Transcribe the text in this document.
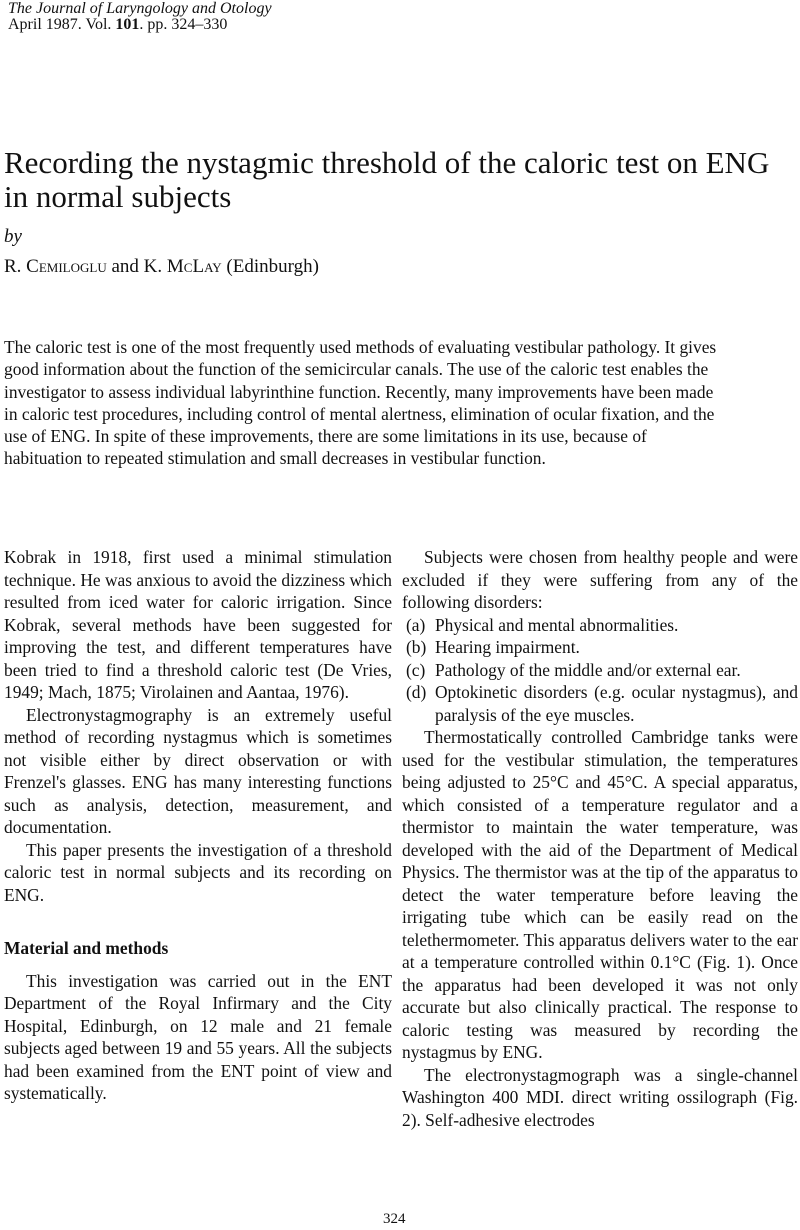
The Journal of Laryngology and Otology
April 1987. Vol. 101. pp. 324–330
Recording the nystagmic threshold of the caloric test on ENG in normal subjects
by
R. Cemiloglu and K. McLay (Edinburgh)
The caloric test is one of the most frequently used methods of evaluating vestibular pathology. It gives good information about the function of the semicircular canals. The use of the caloric test enables the investigator to assess individual labyrinthine function. Recently, many improvements have been made in caloric test procedures, including control of mental alertness, elimination of ocular fixation, and the use of ENG. In spite of these improvements, there are some limitations in its use, because of habituation to repeated stimulation and small decreases in vestibular function.

Kobrak in 1918, first used a minimal stimulation technique. He was anxious to avoid the dizziness which resulted from iced water for caloric irrigation. Since Kobrak, several methods have been suggested for improving the test, and different temperatures have been tried to find a threshold caloric test (De Vries, 1949; Mach, 1875; Virolainen and Aantaa, 1976).

Electronystagmography is an extremely useful method of recording nystagmus which is sometimes not visible either by direct observation or with Frenzel's glasses. ENG has many interesting functions such as analysis, detection, measurement, and documentation.

This paper presents the investigation of a threshold caloric test in normal subjects and its recording on ENG.

Material and methods

This investigation was carried out in the ENT Department of the Royal Infirmary and the City Hospital, Edinburgh, on 12 male and 21 female subjects aged between 19 and 55 years. All the subjects had been examined from the ENT point of view and systematically.

Subjects were chosen from healthy people and were excluded if they were suffering from any of the following disorders:

(a) Physical and mental abnormalities.
(b) Hearing impairment.
(c) Pathology of the middle and/or external ear.
(d) Optokinetic disorders (e.g. ocular nystagmus), and paralysis of the eye muscles.

Thermostatically controlled Cambridge tanks were used for the vestibular stimulation, the temperatures being adjusted to 25°C and 45°C. A special apparatus, which consisted of a temperature regulator and a thermistor to maintain the water temperature, was developed with the aid of the Department of Medical Physics. The thermistor was at the tip of the apparatus to detect the water temperature before leaving the irrigating tube which can be easily read on the telethermometer. This apparatus delivers water to the ear at a temperature controlled within 0.1°C (Fig. 1). Once the apparatus had been developed it was not only accurate but also clinically practical. The response to caloric testing was measured by recording the nystagmus by ENG.

The electronystagmograph was a single-channel Washington 400 MDI. direct writing ossilograph (Fig. 2). Self-adhesive electrodes

324
